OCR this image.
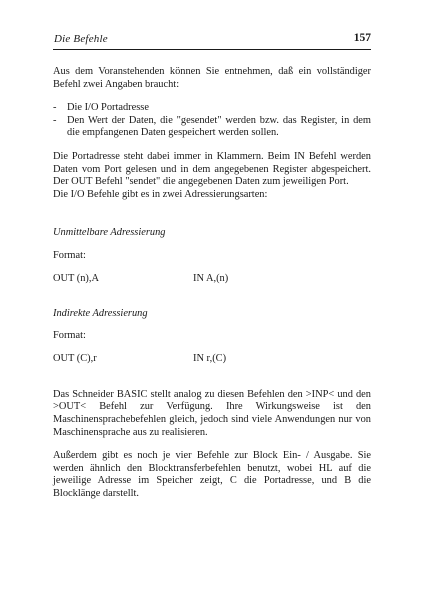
Die Befehle	157

Aus dem Voranstehenden können Sie entnehmen, daß ein vollständiger Befehl zwei Angaben braucht:

- Die I/O Portadresse
- Den Wert der Daten, die "gesendet" werden bzw. das Register, in dem die empfangenen Daten gespeichert werden sollen.

Die Portadresse steht dabei immer in Klammern. Beim IN Befehl werden Daten vom Port gelesen und in dem angegebenen Register abgespeichert. Der OUT Befehl "sendet" die angegebenen Daten zum jeweiligen Port.

Die I/O Befehle gibt es in zwei Adressierungsarten:

Unmittelbare Adressierung

Format:

OUT (n),A	IN A,(n)

Indirekte Adressierung

Format:

OUT (C),r	IN r,(C)

Das Schneider BASIC stellt analog zu diesen Befehlen den >INP< und den >OUT< Befehl zur Verfügung. Ihre Wirkungsweise ist den Maschinensprachebefehlen gleich, jedoch sind viele Anwendungen nur von Maschinensprache aus zu realisieren.

Außerdem gibt es noch je vier Befehle zur Block Ein- / Ausgabe. Sie werden ähnlich den Blocktransferbefehlen benutzt, wobei HL auf die jeweilige Adresse im Speicher zeigt, C die Portadresse, und B die Blocklänge darstellt.
